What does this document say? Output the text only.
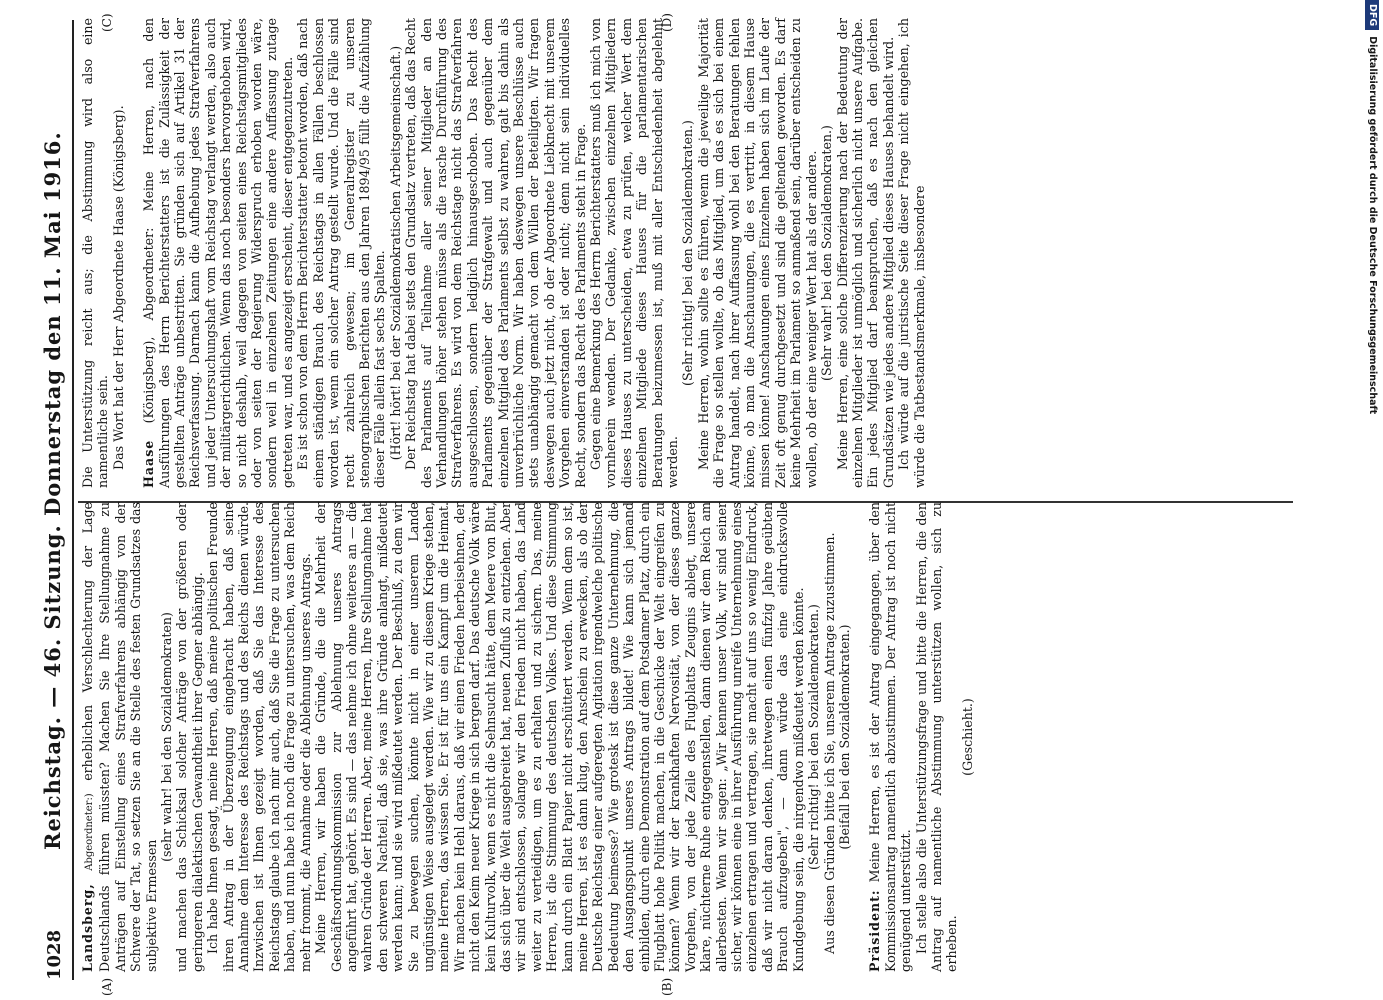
1028
Reichstag. — 46. Sitzung. Donnerstag den 11. Mai 1916.
(A)	(B)
(C)	(D)

Landsberg, Abgeordneter:) erheblichen Verschlechterung der Lage Deutschlands führen müssten? Machen Sie Ihre Stellungnahme zu Anträgen auf Einstellung eines Strafverfahrens abhängig von der Schwere der Tat, so setzen Sie an die Stelle des festen Grundsatzes das subjektive Ermessen

(sehr wahr! bei den Sozialdemokraten) und machen das Schicksal solcher Anträge von der größeren oder geringeren dialektischen Gewandtheit ihrer Gegner abhängig. Ich habe Ihnen gesagt, meine Herren, daß meine politischen Freunde ihren Antrag in der Überzeugung eingebracht haben, daß seine Annahme dem Interesse des Reichstags und des Reichs dienen würde. Inzwischen ist Ihnen gezeigt worden, daß Sie das Interesse des Reichstags glaube ich nach mir auch, daß Sie die Frage zu untersuchen haben, und nun habe ich noch die Frage zu untersuchen, was dem Reich mehr frommt, die Annahme oder die Ablehnung unseres Antrags. Meine Herren, wir haben die Gründe, die die Mehrheit der Geschäftsordnungskommission zur Ablehnung unseres Antrags angeführt hat, gehört. Es sind — das nehme ich ohne weiteres an — die wahren Gründe der Herren. Aber, meine Herren, Ihre Stellungnahme hat den schweren Nachteil, daß sie, was ihre Gründe anlangt, mißdeutet werden kann; und sie wird mißdeutet werden. Der Beschluß, zu dem wir Sie zu bewegen suchen, könnte nicht in einer unserem Lande ungünstigen Weise ausgelegt werden. Wie wir zu diesem Kriege stehen, meine Herren, das wissen Sie. Er ist für uns ein Kampf um die Heimat. Wir machen kein Hehl daraus, daß wir einen Frieden herbeisehnen, der nicht den Keim neuer Kriege in sich bergen darf. Das deutsche Volk wäre kein Kulturvolk, wenn es nicht die Sehnsucht hätte, dem Meere von Blut, das sich über die Welt ausgebreitet hat, neuen Zufluß zu entziehen. Aber wir sind entschlossen, solange wir den Frieden nicht haben, das Land weiter zu verteidigen, um es zu erhalten und zu sichern. Das, meine Herren, ist die Stimmung des deutschen Volkes. Und diese Stimmung kann durch ein Blatt Papier nicht erschüttert werden. Wenn dem so ist, meine Herren, ist es dann klug, den Anschein zu erwecken, als ob der Deutsche Reichstag einer aufgeregten Agitation irgendwelche politische Bedeutung beimesse? Wie grotesk ist diese ganze Unternehmung, die den Ausgangspunkt unseres Antrags bildet! Wie kann sich jemand einbilden, durch eine Demonstration auf dem Potsdamer Platz, durch ein Flugblatt hohe Politik machen, in die Geschicke der Welt eingreifen zu können? Wenn wir der krankhaften Nervosität, von der dieses ganze Vorgehen, von der jede Zeile des Flugblatts Zeugnis ablegt, unsere klare, nüchterne Ruhe entgegenstellen, dann dienen wir dem Reich am allerbesten. Wenn wir sagen: „Wir kennen unser Volk, wir sind seiner sicher, wir können eine in ihrer Ausführung unreife Unternehmung eines einzelnen ertragen und vertragen, sie macht auf uns so wenig Eindruck, daß wir nicht daran denken, ihretwegen einen fünfzig Jahre geübten Brauch aufzugeben", — dann würde das eine eindrucksvolle Kundgebung sein, die nirgendwo mißdeutet werden könnte. (Sehr richtig! bei den Sozialdemokraten.) Aus diesen Gründen bitte ich Sie, unserem Antrage zuzustimmen. (Beifall bei den Sozialdemokraten.)

Präsident: Meine Herren, es ist der Antrag eingegangen, über den Kommissionsantrag namentlich abzustimmen. Der Antrag ist noch nicht genügend unterstützt. Ich stelle also die Unterstützungsfrage und bitte die Herren, die den Antrag auf namentliche Abstimmung unterstützen wollen, sich zu erheben.

(Geschieht.)

Die Unterstützung reicht aus; die Abstimmung wird also eine namentliche sein. Das Wort hat der Herr Abgeordnete Haase (Königsberg). Haase (Königsberg), Abgeordneter: Meine Herren, nach den Ausführungen des Herrn Berichterstatters ist die Zulässigkeit der gestellten Anträge unbestritten. Sie gründen sich auf Artikel 31 der Reichsverfassung. Darnach kann die Aufhebung jedes Strafverfahrens und jeder Untersuchungshaft vom Reichstag verlangt werden, also auch der militärgerichtlichen. Wenn das noch besonders hervorgehoben wird, so nicht deshalb, weil dagegen von seiten eines Reichstagsmitgliedes oder von seiten der Regierung Widerspruch erhoben worden wäre, sondern weil in einzelnen Zeitungen eine andere Auffassung zutage getreten war, und es angezeigt erscheint, dieser entgegenzutreten. Es ist schon von dem Herrn Berichterstatter betont worden, daß nach einem ständigen Brauch des Reichstags in allen Fällen beschlossen worden ist, wenn ein solcher Antrag gestellt wurde. Und die Fälle sind recht zahlreich gewesen; im Generalregister zu unseren stenographischen Berichten aus den Jahren 1894/95 füllt die Aufzählung dieser Fälle allein fast sechs Spalten. (Hört! hört! bei der Sozialdemokratischen Arbeitsgemeinschaft.) Der Reichstag hat dabei stets den Grundsatz vertreten, daß das Recht des Parlaments auf Teilnahme aller seiner Mitglieder an den Verhandlungen höher stehen müsse als die rasche Durchführung des Strafverfahrens. Es wird von dem Reichstage nicht das Strafverfahren ausgeschlossen, sondern lediglich hinausgeschoben. Das Recht des Parlaments gegenüber der Strafgewalt und auch gegenüber dem einzelnen Mitglied des Parlaments selbst zu wahren, galt bis dahin als unverbrüchliche Norm. Wir haben deswegen unsere Beschlüsse auch stets unabhängig gemacht von dem Willen der Beteiligten. Wir fragen deswegen auch jetzt nicht, ob der Abgeordnete Liebknecht mit unserem Vorgehen einverstanden ist oder nicht; denn nicht sein individuelles Recht, sondern das Recht des Parlaments steht in Frage. Gegen eine Bemerkung des Herrn Berichterstatters muß ich mich von vornherein wenden. Der Gedanke, zwischen einzelnen Mitgliedern dieses Hauses zu unterscheiden, etwa zu prüfen, welcher Wert dem einzelnen Mitgliede dieses Hauses für die parlamentarischen Beratungen beizumessen ist, muß mit aller Entschiedenheit abgelehnt werden.

(Sehr richtig! bei den Sozialdemokraten.) Meine Herren, wohin sollte es führen, wenn die jeweilige Majorität die Frage so stellen wollte, ob das Mitglied, um das es sich bei einem Antrag handelt, nach ihrer Auffassung wohl bei den Beratungen fehlen könne, ob man die Anschauungen, die es vertritt, in diesem Hause missen könne! Anschauungen eines Einzelnen haben sich im Laufe der Zeit oft genug durchgesetzt und sind die geltenden geworden. Es darf keine Mehrheit im Parlament so anmaßend sein, darüber entscheiden zu wollen, ob der eine weniger Wert hat als der andere. (Sehr wahr! bei den Sozialdemokraten.) Meine Herren, eine solche Differenzierung nach der Bedeutung der einzelnen Mitglieder ist unmöglich und sicherlich nicht unsere Aufgabe. Ein jedes Mitglied darf beanspruchen, daß es nach den gleichen Grundsätzen wie jedes andere Mitglied dieses Hauses behandelt wird. Ich würde auf die juristische Seite dieser Frage nicht eingehen, ich würde die Tatbestandsmerkmale, insbesondere

DFGDigitalisierung gefördert durch die Deutsche Forschungsgemeinschaft
